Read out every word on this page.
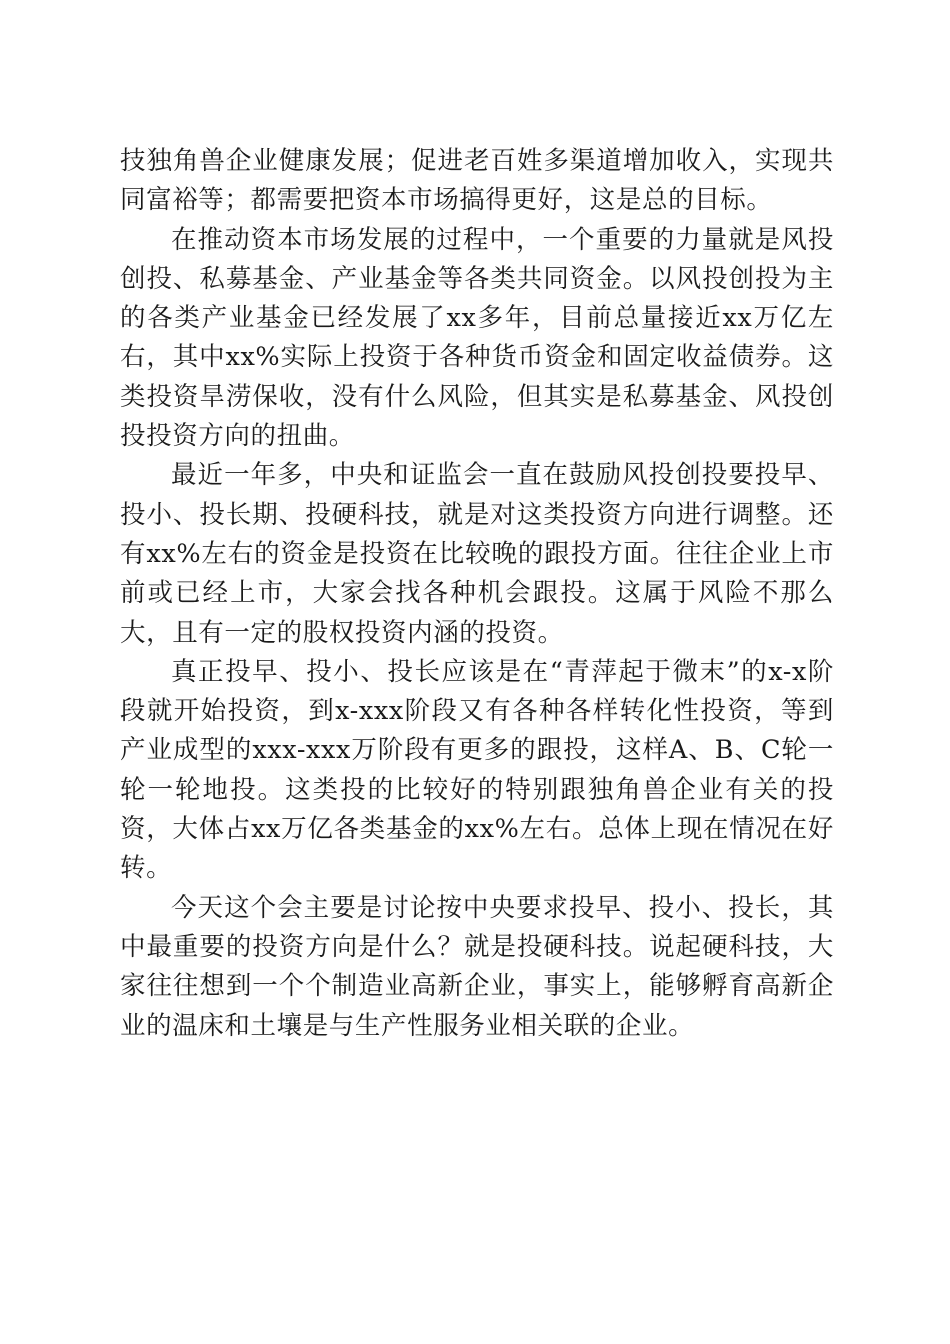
技独角兽企业健康发展；促进老百姓多渠道增加收入，实现共同富裕等；都需要把资本市场搞得更好，这是总的目标。

在推动资本市场发展的过程中，一个重要的力量就是风投创投、私募基金、产业基金等各类共同资金。以风投创投为主的各类产业基金已经发展了xx多年，目前总量接近xx万亿左右，其中xx%实际上投资于各种货币资金和固定收益债券。这类投资旱涝保收，没有什么风险，但其实是私募基金、风投创投投资方向的扭曲。

最近一年多，中央和证监会一直在鼓励风投创投要投早、投小、投长期、投硬科技，就是对这类投资方向进行调整。还有xx%左右的资金是投资在比较晚的跟投方面。往往企业上市前或已经上市，大家会找各种机会跟投。这属于风险不那么大，且有一定的股权投资内涵的投资。

真正投早、投小、投长应该是在“青萍起于微末”的x-x阶段就开始投资，到x-xxx阶段又有各种各样转化性投资，等到产业成型的xxx-xxx万阶段有更多的跟投，这样A、B、C轮一轮一轮地投。这类投的比较好的特别跟独角兽企业有关的投资，大体占xx万亿各类基金的xx%左右。总体上现在情况在好转。

今天这个会主要是讨论按中央要求投早、投小、投长，其中最重要的投资方向是什么？就是投硬科技。说起硬科技，大家往往想到一个个制造业高新企业，事实上，能够孵育高新企业的温床和土壤是与生产性服务业相关联的企业。
